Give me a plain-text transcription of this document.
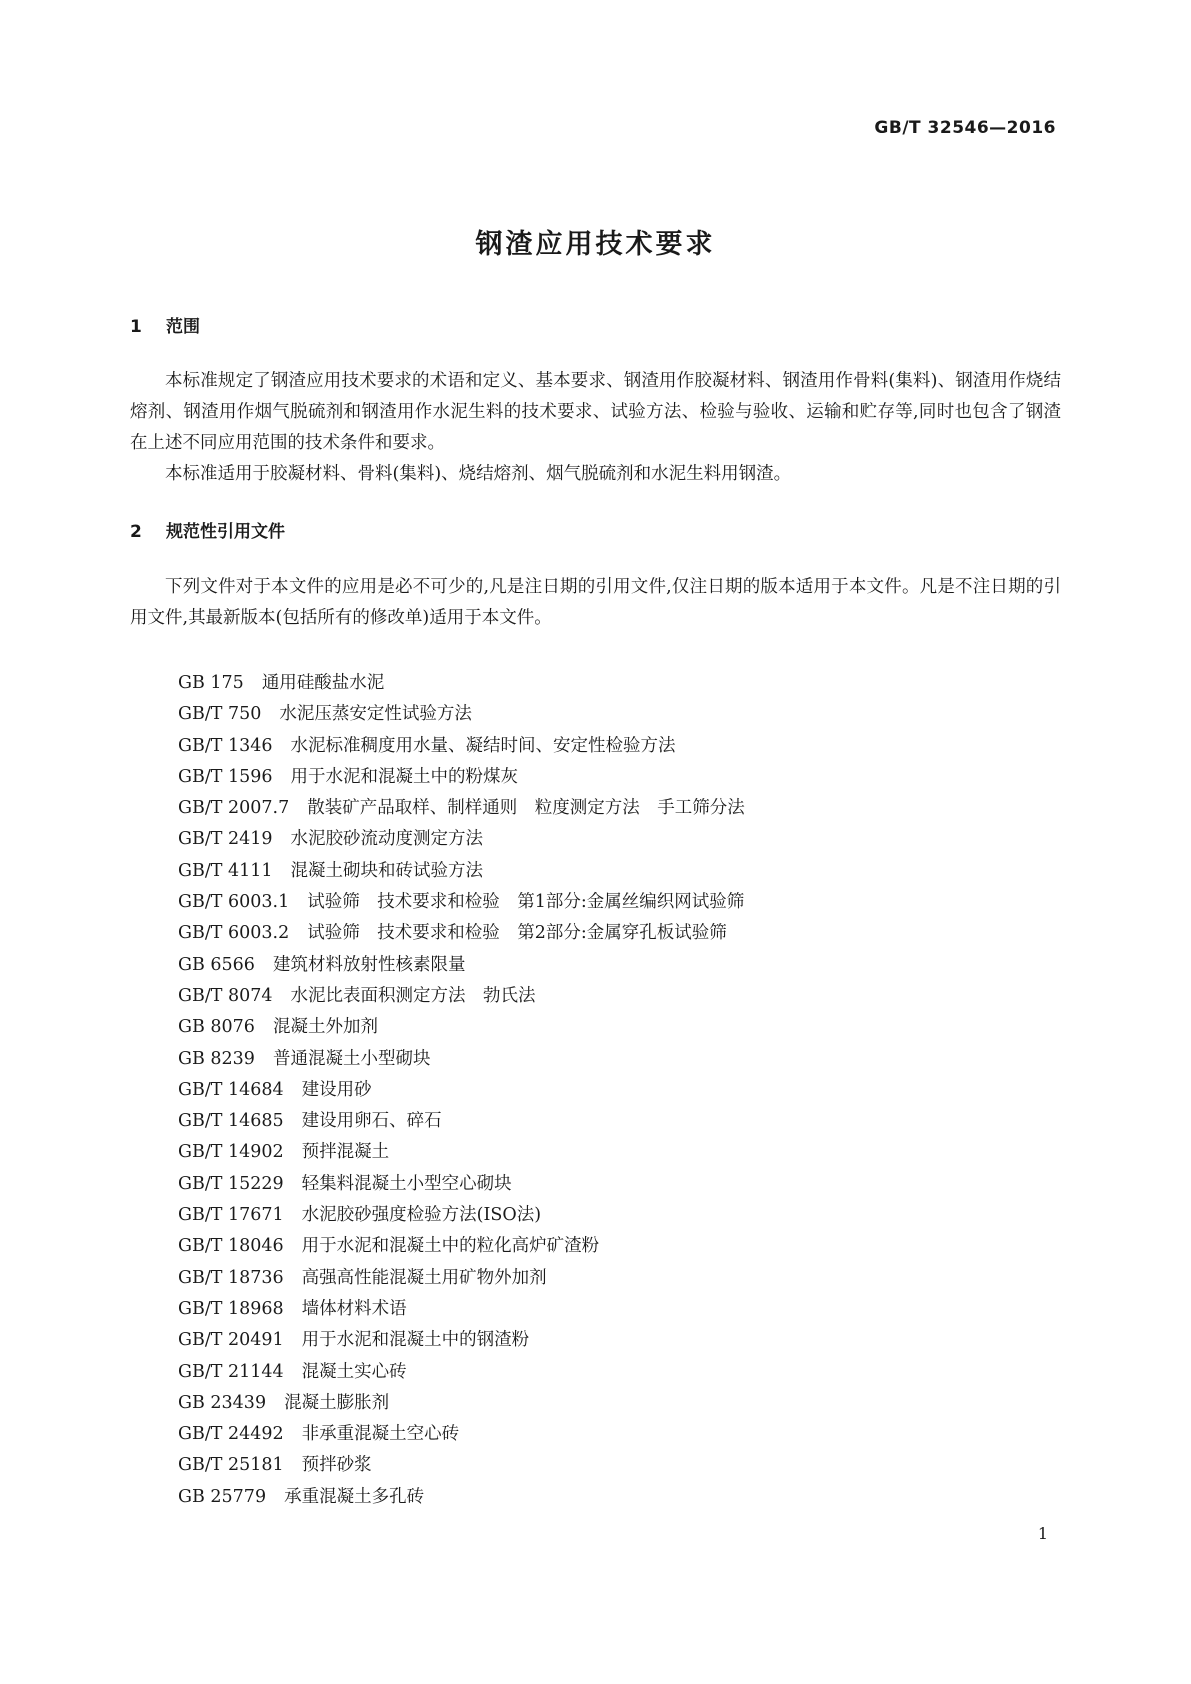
GB/T 32546—2016
钢渣应用技术要求
1 范围

本标准规定了钢渣应用技术要求的术语和定义、基本要求、钢渣用作胶凝材料、钢渣用作骨料(集料)、钢渣用作烧结熔剂、钢渣用作烟气脱硫剂和钢渣用作水泥生料的技术要求、试验方法、检验与验收、运输和贮存等,同时也包含了钢渣在上述不同应用范围的技术条件和要求。

本标准适用于胶凝材料、骨料(集料)、烧结熔剂、烟气脱硫剂和水泥生料用钢渣。

2 规范性引用文件

下列文件对于本文件的应用是必不可少的,凡是注日期的引用文件,仅注日期的版本适用于本文件。凡是不注日期的引用文件,其最新版本(包括所有的修改单)适用于本文件。

GB 175 通用硅酸盐水泥
GB/T 750 水泥压蒸安定性试验方法
GB/T 1346 水泥标准稠度用水量、凝结时间、安定性检验方法
GB/T 1596 用于水泥和混凝土中的粉煤灰
GB/T 2007.7 散装矿产品取样、制样通则　粒度测定方法　手工筛分法
GB/T 2419 水泥胶砂流动度测定方法
GB/T 4111 混凝土砌块和砖试验方法
GB/T 6003.1 试验筛　技术要求和检验　第1部分:金属丝编织网试验筛
GB/T 6003.2 试验筛　技术要求和检验　第2部分:金属穿孔板试验筛
GB 6566 建筑材料放射性核素限量
GB/T 8074 水泥比表面积测定方法　勃氏法
GB 8076 混凝土外加剂
GB 8239 普通混凝土小型砌块
GB/T 14684 建设用砂
GB/T 14685 建设用卵石、碎石
GB/T 14902 预拌混凝土
GB/T 15229 轻集料混凝土小型空心砌块
GB/T 17671 水泥胶砂强度检验方法(ISO法)
GB/T 18046 用于水泥和混凝土中的粒化高炉矿渣粉
GB/T 18736 高强高性能混凝土用矿物外加剂
GB/T 18968 墙体材料术语
GB/T 20491 用于水泥和混凝土中的钢渣粉
GB/T 21144 混凝土实心砖
GB 23439 混凝土膨胀剂
GB/T 24492 非承重混凝土空心砖
GB/T 25181 预拌砂浆
GB 25779 承重混凝土多孔砖
1
